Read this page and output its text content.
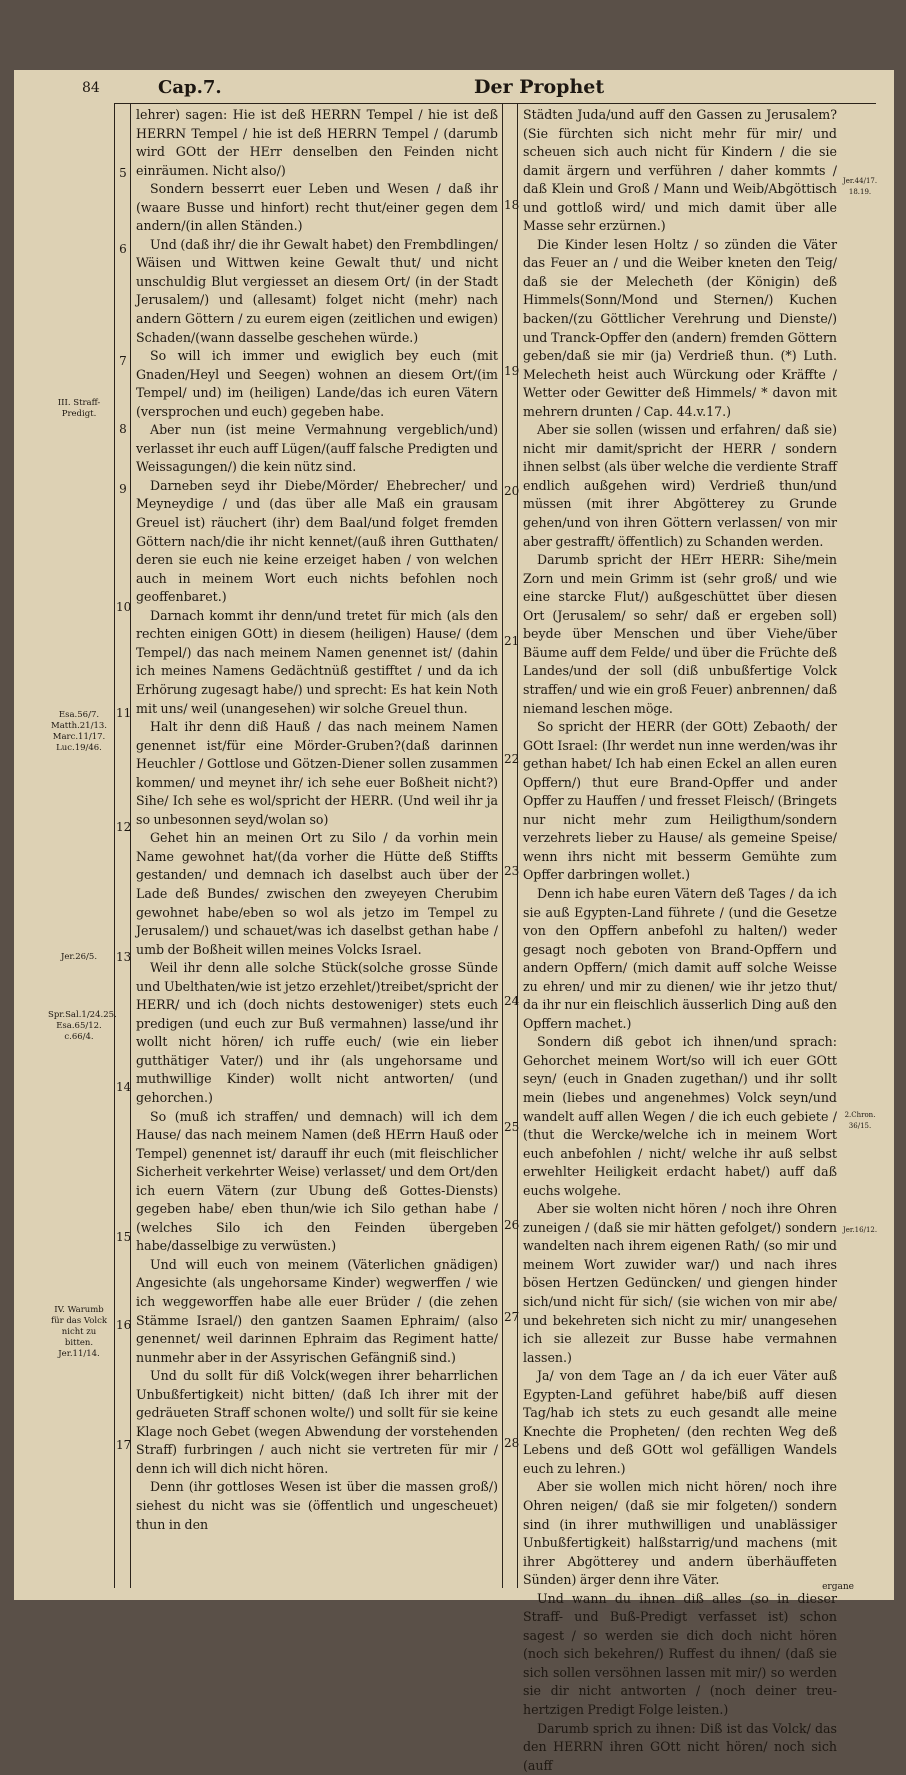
84	Cap.7.	Der Prophet
III. Straff-Predigt.
Esa.56/7. Matth.21/13. Marc.11/17. Luc.19/46.
Jer.26/5.
Spr.Sal.1/24.25. Esa.65/12. c.66/4.
IV. Warumb für das Volck nicht zu bitten. Jer.11/14.
Jer.44/17. 18.19.
2.Chron. 36/15.
Jer.16/12.
5
6
7
8
9
10
11
12
13
14
15
16
17
18
19
20
21
22
23
24
25
26
27
28

lehrer) sagen: Hie ist deß HERRN Tempel / hie ist deß HERRN Tempel / hie ist deß HERRN Tempel / (darumb wird GOtt der HErr denselben den Feinden nicht einräumen. Nicht also/)

Sondern besserrt euer Leben und Wesen / daß ihr (waare Busse und hinfort) recht thut/einer gegen dem andern/(in allen Ständen.)

Und (daß ihr/ die ihr Gewalt habet) den Frembdlingen/ Wäisen und Wittwen keine Gewalt thut/ und nicht unschuldig Blut vergiesset an diesem Ort/ (in der Stadt Jerusalem/) und (allesamt) folget nicht (mehr) nach andern Göttern / zu eurem eigen (zeitlichen und ewigen) Schaden/(wann dasselbe geschehen würde.)

So will ich immer und ewiglich bey euch (mit Gnaden/Heyl und Seegen) wohnen an diesem Ort/(im Tempel/ und) im (heiligen) Lande/das ich euren Vätern (versprochen und euch) gegeben habe.

Aber nun (ist meine Vermahnung vergeblich/und) verlasset ihr euch auff Lügen/(auff falsche Predigten und Weissagungen/) die kein nütz sind.

Darneben seyd ihr Diebe/Mörder/ Ehebrecher/ und Meyneydige / und (das über alle Maß ein grausam Greuel ist) räuchert (ihr) dem Baal/und folget fremden Göttern nach/die ihr nicht kennet/(auß ihren Gutthaten/ deren sie euch nie keine erzeiget haben / von welchen auch in meinem Wort euch nichts befohlen noch geoffenbaret.)

Darnach kommt ihr denn/und tretet für mich (als den rechten einigen GOtt) in diesem (heiligen) Hause/ (dem Tempel/) das nach meinem Namen genennet ist/ (dahin ich meines Namens Gedächtnüß gestifftet / und da ich Erhörung zugesagt habe/) und sprecht: Es hat kein Noth mit uns/ weil (unangesehen) wir solche Greuel thun.

Halt ihr denn diß Hauß / das nach meinem Namen genennet ist/für eine Mörder-Gruben?(daß darinnen Heuchler / Gottlose und Götzen-Diener sollen zusammen kommen/ und meynet ihr/ ich sehe euer Boßheit nicht?) Sihe/ Ich sehe es wol/spricht der HERR. (Und weil ihr ja so unbesonnen seyd/wolan so)

Gehet hin an meinen Ort zu Silo / da vorhin mein Name gewohnet hat/(da vorher die Hütte deß Stiffts gestanden/ und demnach ich daselbst auch über der Lade deß Bundes/ zwischen den zweyeyen Cherubim gewohnet habe/eben so wol als jetzo im Tempel zu Jerusalem/) und schauet/was ich daselbst gethan habe / umb der Boßheit willen meines Volcks Israel.

Weil ihr denn alle solche Stück(solche grosse Sünde und Ubelthaten/wie ist jetzo erzehlet/)treibet/spricht der HERR/ und ich (doch nichts destoweniger) stets euch predigen (und euch zur Buß vermahnen) lasse/und ihr wollt nicht hören/ ich ruffe euch/ (wie ein lieber gutthätiger Vater/) und ihr (als ungehorsame und muthwillige Kinder) wollt nicht antworten/ (und gehorchen.)

So (muß ich straffen/ und demnach) will ich dem Hause/ das nach meinem Namen (deß HErrn Hauß oder Tempel) genennet ist/ darauff ihr euch (mit fleischlicher Sicherheit verkehrter Weise) verlasset/ und dem Ort/den ich euern Vätern (zur Ubung deß Gottes-Diensts) gegeben habe/ eben thun/wie ich Silo gethan habe / (welches Silo ich den Feinden übergeben habe/dasselbige zu verwüsten.)

Und will euch von meinem (Väterlichen gnädigen) Angesichte (als ungehorsame Kinder) wegwerffen / wie ich weggeworffen habe alle euer Brüder / (die zehen Stämme Israel/) den gantzen Saamen Ephraim/ (also genennet/ weil darinnen Ephraim das Regiment hatte/ nunmehr aber in der Assyrischen Gefängniß sind.)

Und du sollt für diß Volck(wegen ihrer beharrlichen Unbußfertigkeit) nicht bitten/ (daß Ich ihrer mit der gedräueten Straff schonen wolte/) und sollt für sie keine Klage noch Gebet (wegen Abwendung der vorstehenden Straff) furbringen / auch nicht sie vertreten für mir / denn ich will dich nicht hören.

Denn (ihr gottloses Wesen ist über die massen groß/) siehest du nicht was sie (öffentlich und ungescheuet) thun in den

Städten Juda/und auff den Gassen zu Jerusalem? (Sie fürchten sich nicht mehr für mir/ und scheuen sich auch nicht für Kindern / die sie damit ärgern und verführen / daher kommts / daß Klein und Groß / Mann und Weib/Abgöttisch und gottloß wird/ und mich damit über alle Masse sehr erzürnen.)

Die Kinder lesen Holtz / so zünden die Väter das Feuer an / und die Weiber kneten den Teig/ daß sie der Melecheth (der Königin) deß Himmels(Sonn/Mond und Sternen/) Kuchen backen/(zu Göttlicher Verehrung und Dienste/) und Tranck-Opffer den (andern) fremden Göttern geben/daß sie mir (ja) Verdrieß thun. (*) Luth. Melecheth heist auch Würckung oder Kräffte / Wetter oder Gewitter deß Himmels/ * davon mit mehrern drunten / Cap. 44.v.17.)

Aber sie sollen (wissen und erfahren/ daß sie) nicht mir damit/spricht der HERR / sondern ihnen selbst (als über welche die verdiente Straff endlich außgehen wird) Verdrieß thun/und müssen (mit ihrer Abgötterey zu Grunde gehen/und von ihren Göttern verlassen/ von mir aber gestrafft/ öffentlich) zu Schanden werden.

Darumb spricht der HErr HERR: Sihe/mein Zorn und mein Grimm ist (sehr groß/ und wie eine starcke Flut/) außgeschüttet über diesen Ort (Jerusalem/ so sehr/ daß er ergeben soll) beyde über Menschen und über Viehe/über Bäume auff dem Felde/ und über die Früchte deß Landes/und der soll (diß unbußfertige Volck straffen/ und wie ein groß Feuer) anbrennen/ daß niemand leschen möge.

So spricht der HERR (der GOtt) Zebaoth/ der GOtt Israel: (Ihr werdet nun inne werden/was ihr gethan habet/ Ich hab einen Eckel an allen euren Opffern/) thut eure Brand-Opffer und ander Opffer zu Hauffen / und fresset Fleisch/ (Bringets nur nicht mehr zum Heiligthum/sondern verzehrets lieber zu Hause/ als gemeine Speise/ wenn ihrs nicht mit besserm Gemühte zum Opffer darbringen wollet.)

Denn ich habe euren Vätern deß Tages / da ich sie auß Egypten-Land führete / (und die Gesetze von den Opffern anbefohl zu halten/) weder gesagt noch geboten von Brand-Opffern und andern Opffern/ (mich damit auff solche Weisse zu ehren/ und mir zu dienen/ wie ihr jetzo thut/ da ihr nur ein fleischlich äusserlich Ding auß den Opffern machet.)

Sondern diß gebot ich ihnen/und sprach: Gehorchet meinem Wort/so will ich euer GOtt seyn/ (euch in Gnaden zugethan/) und ihr sollt mein (liebes und angenehmes) Volck seyn/und wandelt auff allen Wegen / die ich euch gebiete / (thut die Wercke/welche ich in meinem Wort euch anbefohlen / nicht/ welche ihr auß selbst erwehlter Heiligkeit erdacht habet/) auff daß euchs wolgehe.

Aber sie wolten nicht hören / noch ihre Ohren zuneigen / (daß sie mir hätten gefolget/) sondern wandelten nach ihrem eigenen Rath/ (so mir und meinem Wort zuwider war/) und nach ihres bösen Hertzen Gedüncken/ und giengen hinder sich/und nicht für sich/ (sie wichen von mir abe/ und bekehreten sich nicht zu mir/ unangesehen ich sie allezeit zur Busse habe vermahnen lassen.)

Ja/ von dem Tage an / da ich euer Väter auß Egypten-Land geführet habe/biß auff diesen Tag/hab ich stets zu euch gesandt alle meine Knechte die Propheten/ (den rechten Weg deß Lebens und deß GOtt wol gefälligen Wandels euch zu lehren.)

Aber sie wollen mich nicht hören/ noch ihre Ohren neigen/ (daß sie mir folgeten/) sondern sind (in ihrer muthwilligen und unablässiger Unbußfertigkeit) halßstarrig/und machens (mit ihrer Abgötterey und andern überhäuffeten Sünden) ärger denn ihre Väter.

Und wann du ihnen diß alles (so in dieser Straff- und Buß-Predigt verfasset ist) schon sagest / so werden sie dich doch nicht hören (noch sich bekehren/) Ruffest du ihnen/ (daß sie sich sollen versöhnen lassen mit mir/) so werden sie dir nicht antworten / (noch deiner treu-hertzigen Predigt Folge leisten.)

Darumb sprich zu ihnen: Diß ist das Volck/ das den HERRN ihren GOtt nicht hören/ noch sich (auff

ergane
